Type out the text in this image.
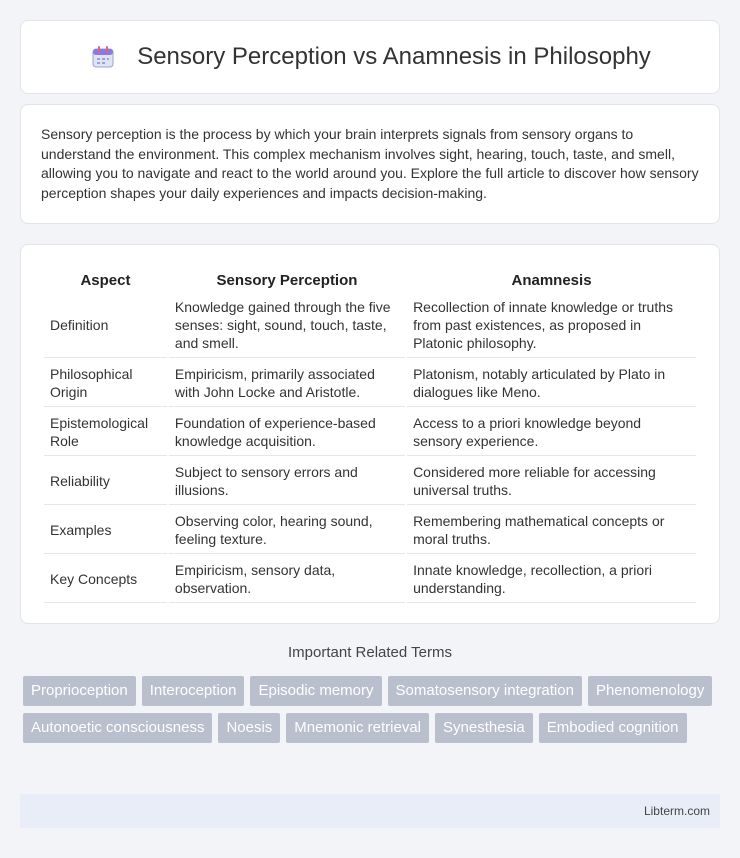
Sensory Perception vs Anamnesis in Philosophy

Sensory perception is the process by which your brain interprets signals from sensory organs to understand the environment. This complex mechanism involves sight, hearing, touch, taste, and smell, allowing you to navigate and react to the world around you. Explore the full article to discover how sensory perception shapes your daily experiences and impacts decision-making.

Aspect	Sensory Perception	Anamnesis
Definition	Knowledge gained through the five senses: sight, sound, touch, taste, and smell.	Recollection of innate knowledge or truths from past existences, as proposed in Platonic philosophy.
Philosophical Origin	Empiricism, primarily associated with John Locke and Aristotle.	Platonism, notably articulated by Plato in dialogues like Meno.
Epistemological Role	Foundation of experience-based knowledge acquisition.	Access to a priori knowledge beyond sensory experience.
Reliability	Subject to sensory errors and illusions.	Considered more reliable for accessing universal truths.
Examples	Observing color, hearing sound, feeling texture.	Remembering mathematical concepts or moral truths.
Key Concepts	Empiricism, sensory data, observation.	Innate knowledge, recollection, a priori understanding.
Important Related Terms
Proprioception	Interoception	Episodic memory	Somatosensory integration	Phenomenology
Autonoetic consciousness	Noesis	Mnemonic retrieval	Synesthesia	Embodied cognition
Libterm.com
